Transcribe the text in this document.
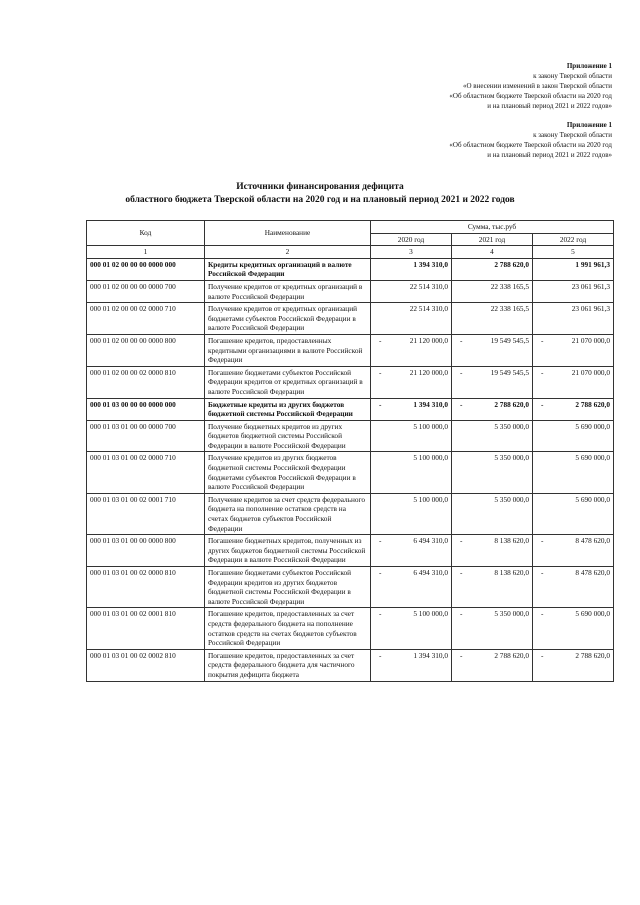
Приложение 1
к закону Тверской области
«О внесении изменений в закон Тверской области
«Об областном бюджете Тверской области на 2020 год
и на плановый период 2021 и 2022 годов»
Приложение 1
к закону Тверской области
«Об областном бюджете Тверской области на 2020 год
и на плановый период 2021 и 2022 годов»
Источники финансирования дефицита
областного бюджета Тверской области на 2020 год и на плановый период 2021 и 2022 годов
Код	Наименование	Сумма, тыс.руб		
		2020 год	2021 год	2022 год
1	2	3	4	5
000 01 02 00 00 00 0000 000	Кредиты кредитных организаций в валюте Российской Федерации	1 394 310,0	2 788 620,0	1 991 961,3
000 01 02 00 00 00 0000 700	Получение кредитов от кредитных организаций в валюте Российской Федерации	22 514 310,0	22 338 165,5	23 061 961,3
000 01 02 00 00 02 0000 710	Получение кредитов от кредитных организаций бюджетами субъектов Российской Федерации в валюте Российской Федерации	22 514 310,0	22 338 165,5	23 061 961,3
000 01 02 00 00 00 0000 800	Погашение кредитов, предоставленных кредитными организациями в валюте Российской Федерации	- 21 120 000,0	- 19 549 545,5	- 21 070 000,0
000 01 02 00 00 02 0000 810	Погашение бюджетами субъектов Российской Федерации кредитов от кредитных организаций в валюте Российской Федерации	- 21 120 000,0	- 19 549 545,5	- 21 070 000,0
000 01 03 00 00 00 0000 000	Бюджетные кредиты из других бюджетов бюджетной системы Российской Федерации	- 1 394 310,0	- 2 788 620,0	- 2 788 620,0
000 01 03 01 00 00 0000 700	Получение бюджетных кредитов из других бюджетов бюджетной системы Российской Федерации в валюте Российской Федерации	5 100 000,0	5 350 000,0	5 690 000,0
000 01 03 01 00 02 0000 710	Получение кредитов из других бюджетов бюджетной системы Российской Федерации бюджетами субъектов Российской Федерации в валюте Российской Федерации	5 100 000,0	5 350 000,0	5 690 000,0
000 01 03 01 00 02 0001 710	Получение кредитов за счет средств федерального бюджета на пополнение остатков средств на счетах бюджетов субъектов Российской Федерации	5 100 000,0	5 350 000,0	5 690 000,0
000 01 03 01 00 00 0000 800	Погашение бюджетных кредитов, полученных из других бюджетов бюджетной системы Российской Федерации в валюте Российской Федерации	- 6 494 310,0	- 8 138 620,0	- 8 478 620,0
000 01 03 01 00 02 0000 810	Погашение бюджетами субъектов Российской Федерации кредитов из других бюджетов бюджетной системы Российской Федерации в валюте Российской Федерации	- 6 494 310,0	- 8 138 620,0	- 8 478 620,0
000 01 03 01 00 02 0001 810	Погашение кредитов, предоставленных за счет средств федерального бюджета на пополнение остатков средств на счетах бюджетов субъектов Российской Федерации	- 5 100 000,0	- 5 350 000,0	- 5 690 000,0
000 01 03 01 00 02 0002 810	Погашение кредитов, предоставленных за счет средств федерального бюджета для частичного покрытия дефицита бюджета	- 1 394 310,0	- 2 788 620,0	- 2 788 620,0
